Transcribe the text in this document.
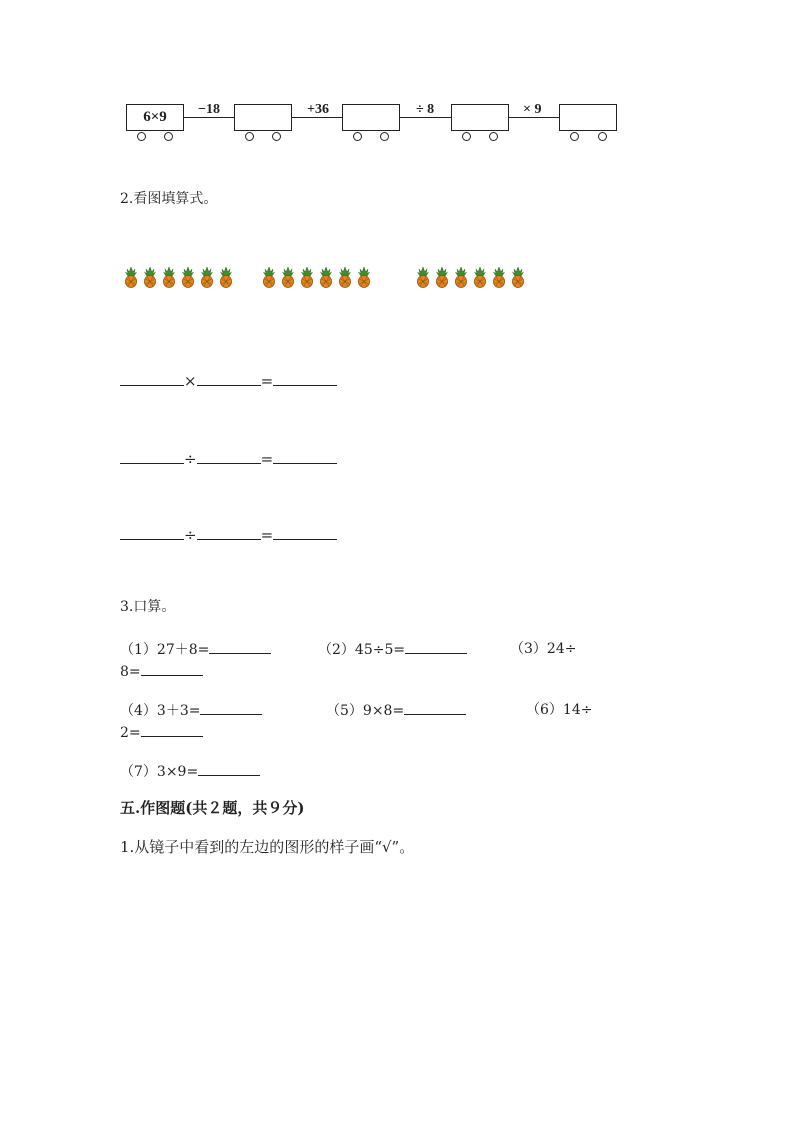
6×9 −18	+36	÷ 8	× 9
2.看图填算式。
×	=
÷	=
÷	=
3.口算。
（1）27＋8=	（2）45÷5=	（3）24÷
8=
（4）3＋3=	（5）9×8=	（6）14÷
2=
（7）3×9=
五.作图题(共２题，共９分)
1.从镜子中看到的左边的图形的样子画“√”。
